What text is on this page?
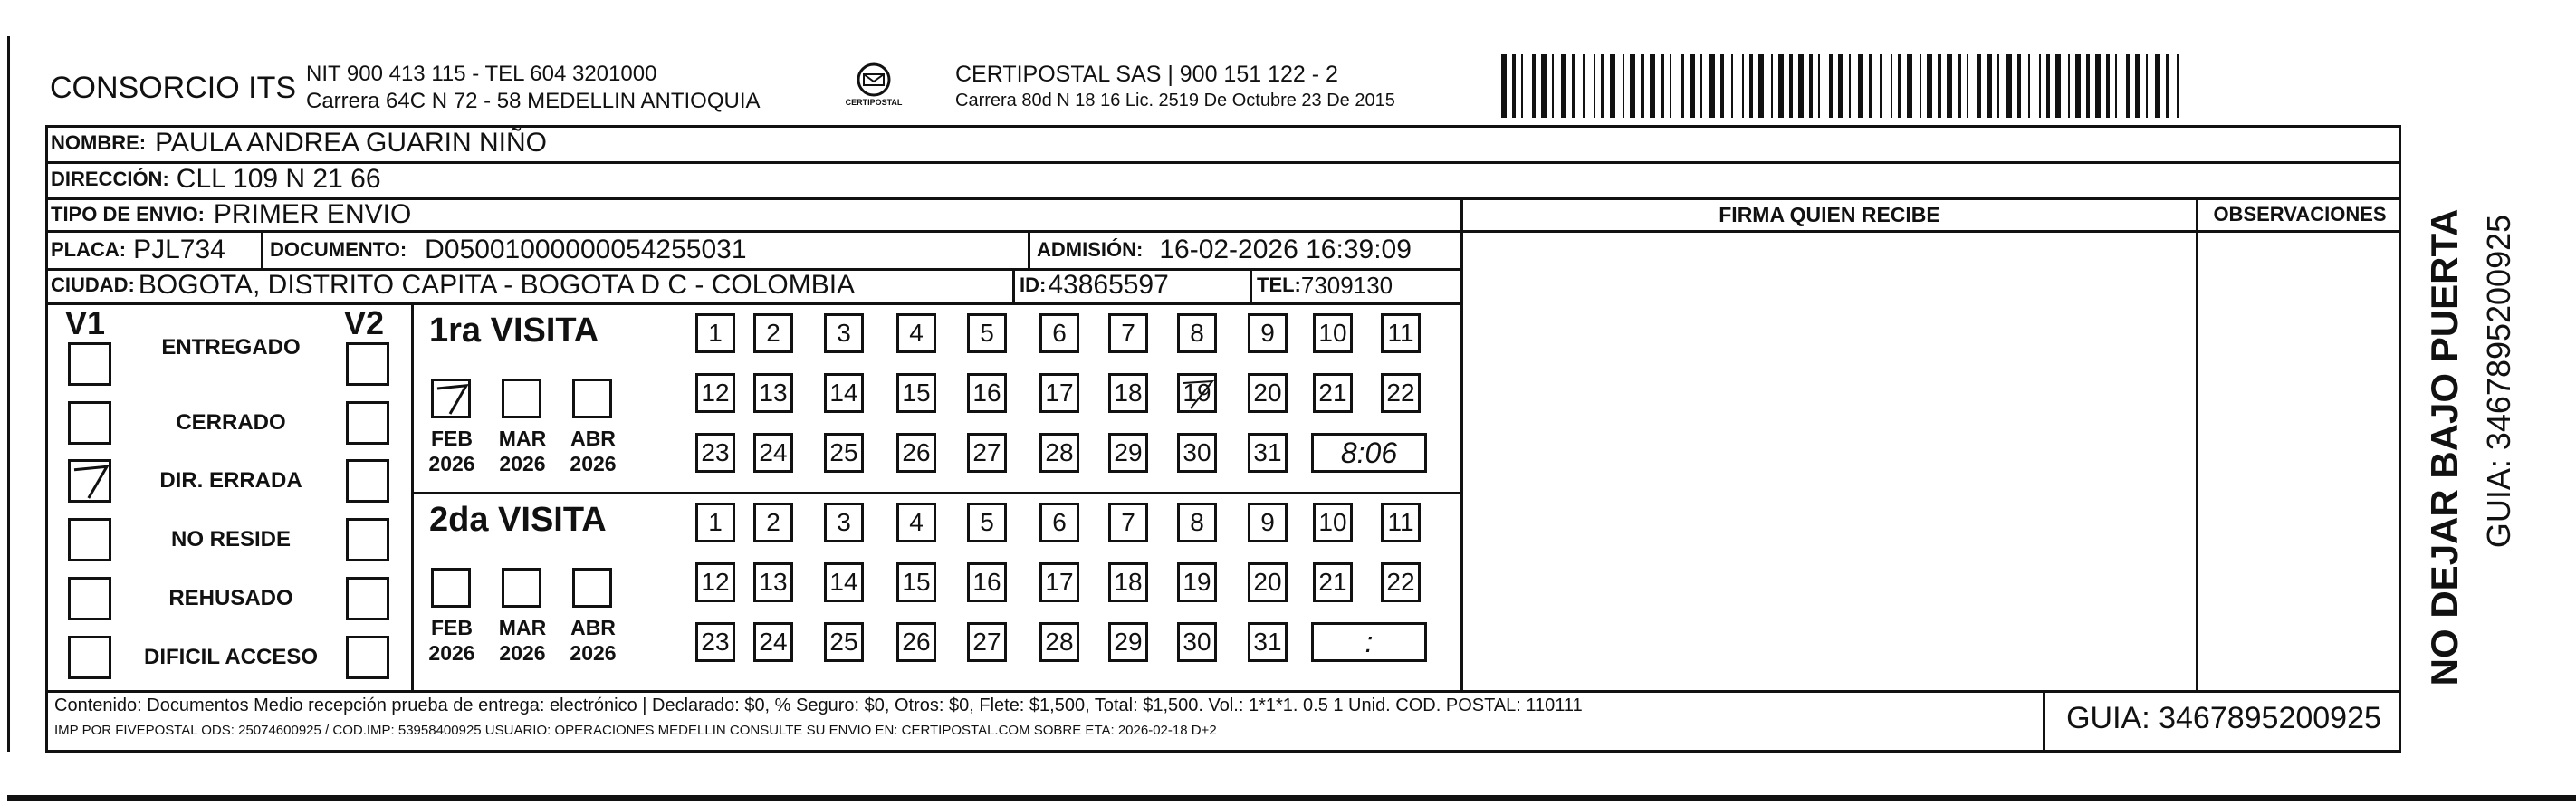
CONSORCIO ITS NIT 900 413 115 - TEL 604 3201000
Carrera 64C N 72 - 58 MEDELLIN ANTIOQUIA	CERTIPOSTAL
CERTIPOSTAL SAS | 900 151 122 - 2
Carrera 80d N 18 16 Lic. 2519 De Octubre 23 De 2015
NOMBRE: PAULA ANDREA GUARIN NIÑO
DIRECCIÓN: CLL 109 N 21 66
TIPO DE ENVIO: PRIMER ENVIO
PLACA: PJL734 DOCUMENTO: D05001000000054255031	ADMISIÓN: 16-02-2026 16:39:09
CIUDAD: BOGOTA, DISTRITO CAPITA - BOGOTA D C - COLOMBIA	ID: 43865597	TEL: 7309130
FIRMA QUIEN RECIBE	OBSERVACIONES
V1	V2
ENTREGADO
CERRADO
DIR. ERRADA
NO RESIDE
REHUSADO
DIFICIL ACCESO
1ra VISITA
FEB
2026
MAR
2026
ABR
2026
1	2	3	4	5	6	7	8	9	10 11
12 13 14 15 16 17 18 19 20 21 22
23 24 25 26 27 28 29 30 31	8:06
2da VISITA
FEB
2026
MAR
2026
ABR
2026
1	2	3	4	5	6	7	8	9	10 11
12 13 14 15 16 17 18 19 20 21 22
23 24 25 26 27 28 29 30 31	:
Contenido: Documentos Medio recepción prueba de entrega: electrónico | Declarado: $0, % Seguro: $0, Otros: $0, Flete: $1,500, Total: $1,500. Vol.: 1*1*1. 0.5 1 Unid. COD. POSTAL: 110111
IMP POR FIVEPOSTAL ODS: 25074600925 / COD.IMP: 53958400925 USUARIO: OPERACIONES MEDELLIN CONSULTE SU ENVIO EN: CERTIPOSTAL.COM SOBRE ETA: 2026-02-18 D+2	GUIA: 3467895200925
NO DEJAR BAJO PUERTA GUIA: 3467895200925
